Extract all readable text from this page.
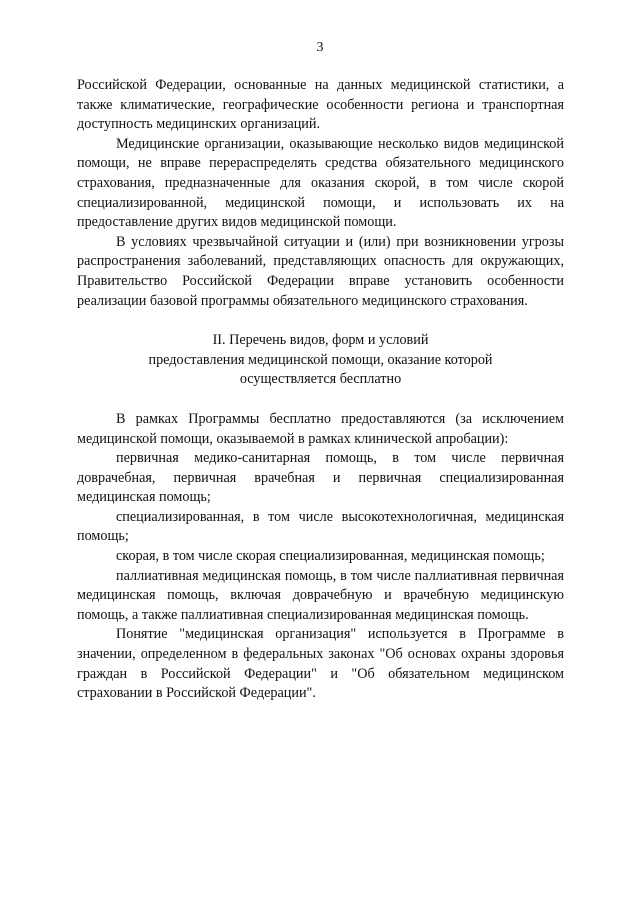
3

Российской Федерации, основанные на данных медицинской статистики, а также климатические, географические особенности региона и транспортная доступность медицинских организаций.

Медицинские организации, оказывающие несколько видов медицинской помощи, не вправе перераспределять средства обязательного медицинского страхования, предназначенные для оказания скорой, в том числе скорой специализированной, медицинской помощи, и использовать их на предоставление других видов медицинской помощи.

В условиях чрезвычайной ситуации и (или) при возникновении угрозы распространения заболеваний, представляющих опасность для окружающих, Правительство Российской Федерации вправе установить особенности реализации базовой программы обязательного медицинского страхования.

II. Перечень видов, форм и условий
предоставления медицинской помощи, оказание которой
осуществляется бесплатно

В рамках Программы бесплатно предоставляются (за исключением медицинской помощи, оказываемой в рамках клинической апробации):

первичная медико-санитарная помощь, в том числе первичная доврачебная, первичная врачебная и первичная специализированная медицинская помощь;

специализированная, в том числе высокотехнологичная, медицинская помощь;

скорая, в том числе скорая специализированная, медицинская помощь;

паллиативная медицинская помощь, в том числе паллиативная первичная медицинская помощь, включая доврачебную и врачебную медицинскую помощь, а также паллиативная специализированная медицинская помощь.

Понятие "медицинская организация" используется в Программе в значении, определенном в федеральных законах "Об основах охраны здоровья граждан в Российской Федерации" и "Об обязательном медицинском страховании в Российской Федерации".
